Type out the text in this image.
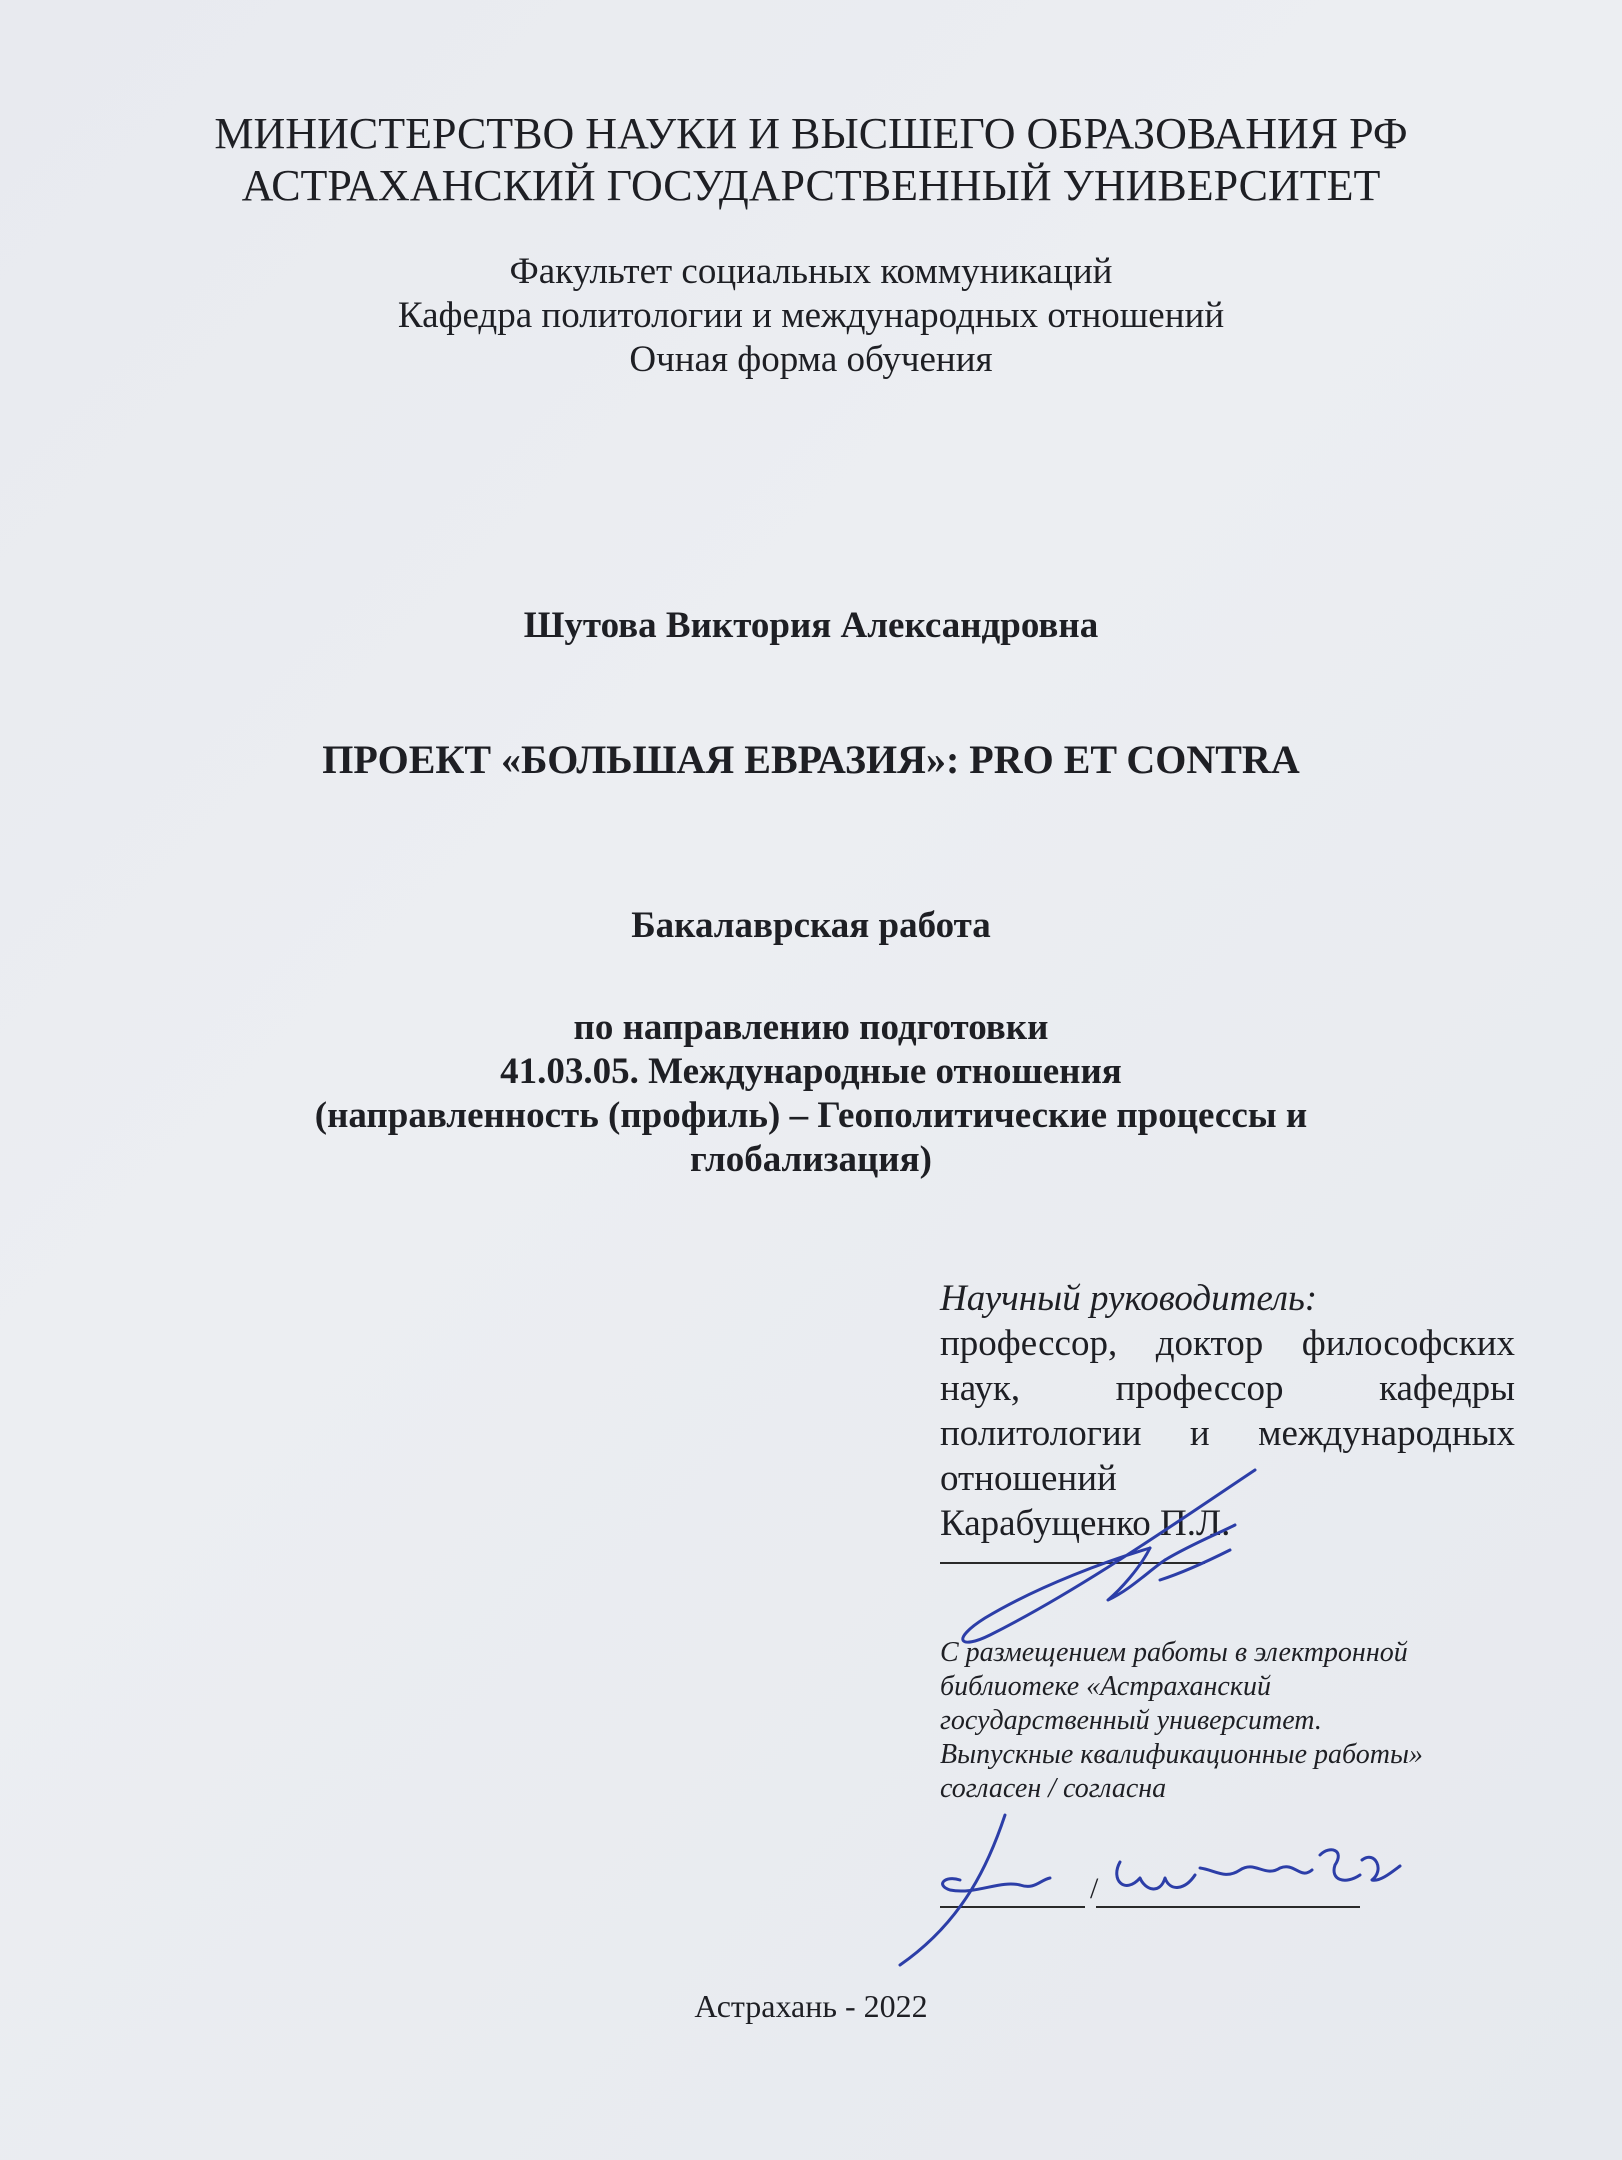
МИНИСТЕРСТВО НАУКИ И ВЫСШЕГО ОБРАЗОВАНИЯ РФ
АСТРАХАНСКИЙ ГОСУДАРСТВЕННЫЙ УНИВЕРСИТЕТ
Факультет социальных коммуникаций
Кафедра политологии и международных отношений
Очная форма обучения
Шутова Виктория Александровна
ПРОЕКТ «БОЛЬШАЯ ЕВРАЗИЯ»: PRO ET CONTRA
Бакалаврская работа
по направлению подготовки
41.03.05. Международные отношения
(направленность (профиль) – Геополитические процессы и
глобализация)
Научный руководитель:
профессор, доктор философских наук, профессор кафедры политологии и международных отношений
Карабущенко П.Л.
С размещением работы в электронной
библиотеке «Астраханский
государственный университет.
Выпускные квалификационные работы»
согласен / согласна
/
Астрахань - 2022
